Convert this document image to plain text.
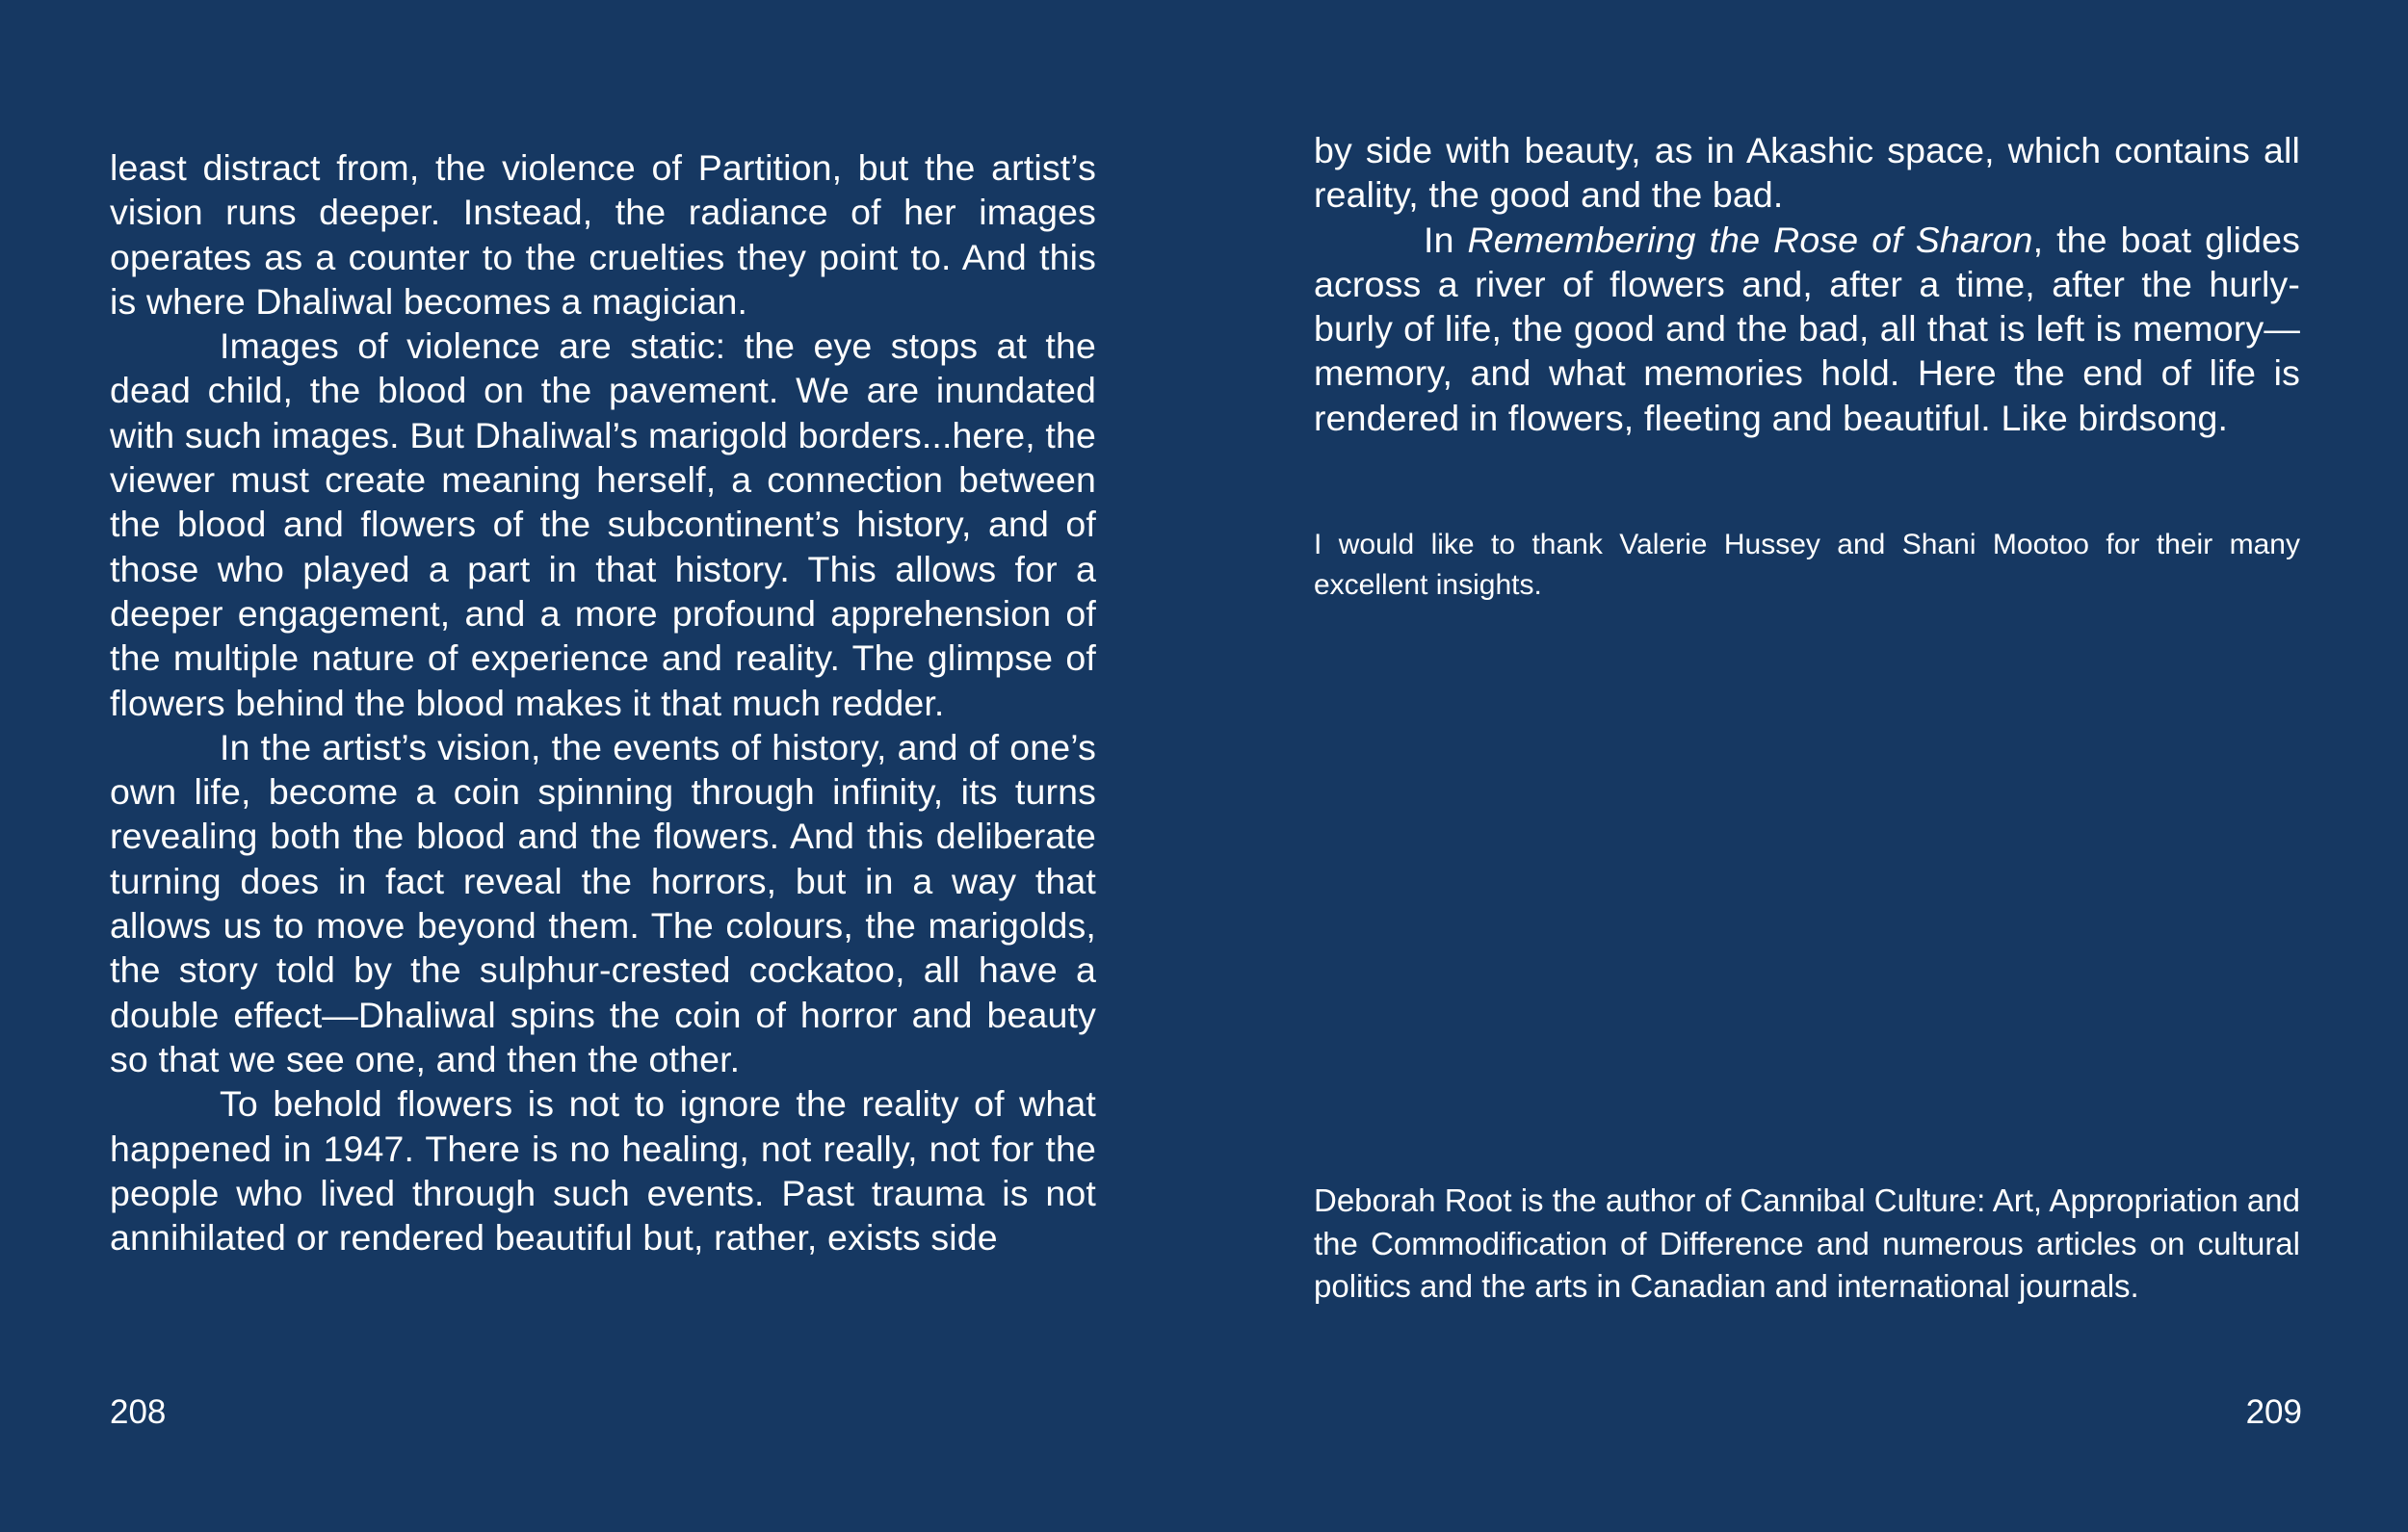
least distract from, the violence of Partition, but the artist’s vision runs deeper. Instead, the radiance of her images operates as a counter to the cruelties they point to. And this is where Dhaliwal becomes a magician.

Images of violence are static: the eye stops at the dead child, the blood on the pavement. We are inundated with such images. But Dhaliwal’s marigold borders...here, the viewer must create meaning herself, a connection between the blood and flowers of the subcontinent’s history, and of those who played a part in that history. This allows for a deeper engagement, and a more profound apprehension of the multiple nature of experience and reality. The glimpse of flowers behind the blood makes it that much redder.

In the artist’s vision, the events of history, and of one’s own life, become a coin spinning through infinity, its turns revealing both the blood and the flowers. And this deliberate turning does in fact reveal the horrors, but in a way that allows us to move beyond them. The colours, the marigolds, the story told by the sulphur-crested cockatoo, all have a double effect—Dhaliwal spins the coin of horror and beauty so that we see one, and then the other.

To behold flowers is not to ignore the reality of what happened in 1947. There is no healing, not really, not for the people who lived through such events. Past trauma is not annihilated or rendered beautiful but, rather, exists side

208

by side with beauty, as in Akashic space, which contains all reality, the good and the bad.

In Remembering the Rose of Sharon, the boat glides across a river of flowers and, after a time, after the hurly-burly of life, the good and the bad, all that is left is memory—memory, and what memories hold. Here the end of life is rendered in flowers, fleeting and beautiful. Like birdsong.

I would like to thank Valerie Hussey and Shani Mootoo for their many excellent insights.

Deborah Root is the author of Cannibal Culture: Art, Appropriation and the Commodification of Difference and numerous articles on cultural politics and the arts in Canadian and international journals.

209
